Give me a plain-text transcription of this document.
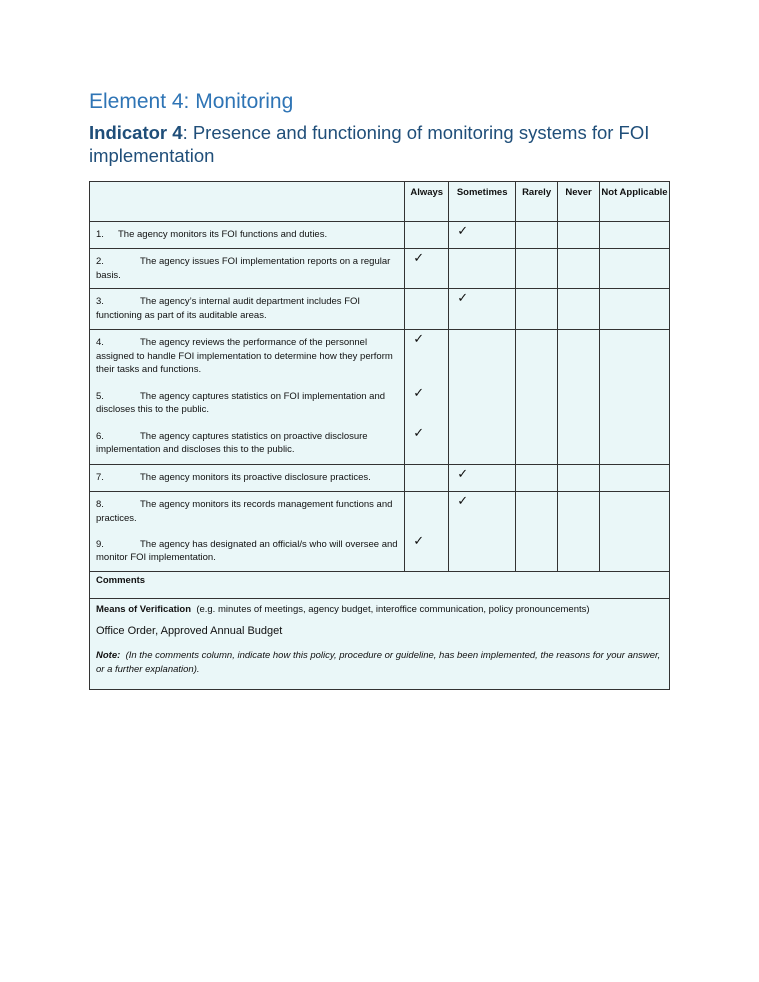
Element 4: Monitoring
Indicator 4: Presence and functioning of monitoring systems for FOI implementation
	Always	Sometimes	Rarely	Never	Not Applicable
1. The agency monitors its FOI functions and duties.		✓			
2. The agency issues FOI implementation reports on a regular basis.	✓				
3. The agency’s internal audit department includes FOI functioning as part of its auditable areas.		✓			
4. The agency reviews the performance of the personnel assigned to handle FOI implementation to determine how they perform their tasks and functions.	✓				
5. The agency captures statistics on FOI implementation and discloses this to the public.	✓				
6. The agency captures statistics on proactive disclosure implementation and discloses this to the public.	✓				
7. The agency monitors its proactive disclosure practices.		✓			
8. The agency monitors its records management functions and practices.		✓			
9. The agency has designated an official/s who will oversee and monitor FOI implementation.	✓				
Comments					

Means of Verification (e.g. minutes of meetings, agency budget, interoffice communication, policy pronouncements)
Office Order, Approved Annual Budget
Note: (In the comments column, indicate how this policy, procedure or guideline, has been implemented, the reasons for your answer, or a further explanation).					
